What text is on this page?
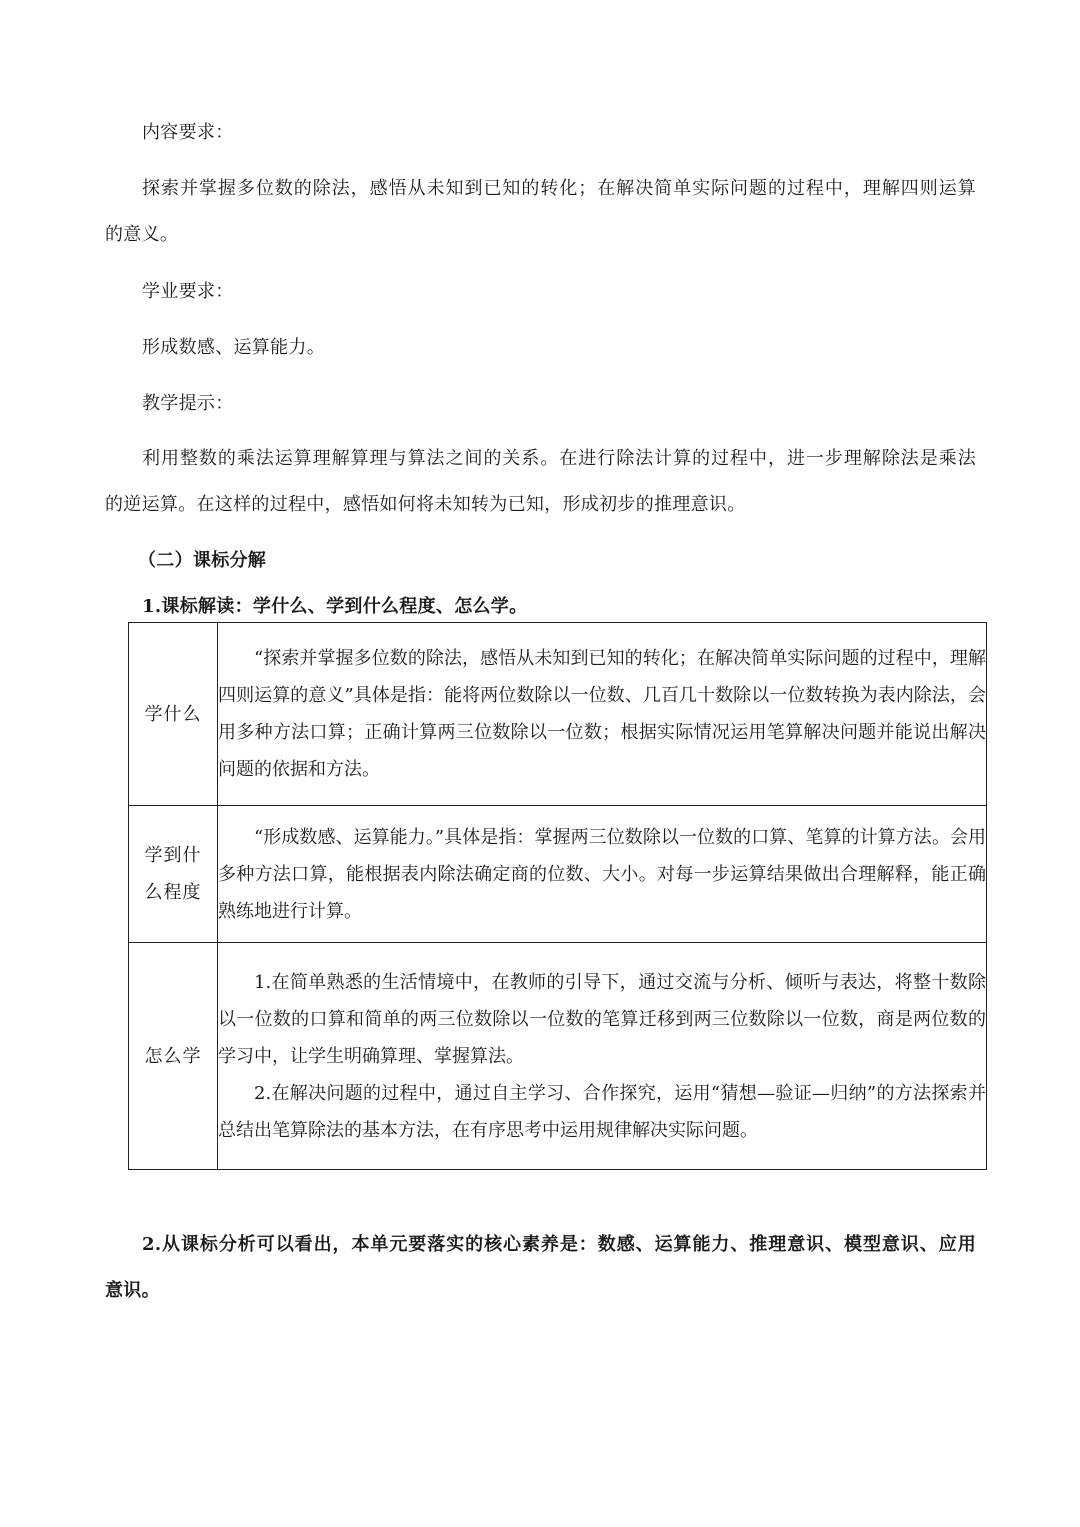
内容要求：
探索并掌握多位数的除法，感悟从未知到已知的转化；在解决简单实际问题的过程中，理解四则运算
的意义。
学业要求：
形成数感、运算能力。
教学提示：
利用整数的乘法运算理解算理与算法之间的关系。在进行除法计算的过程中，进一步理解除法是乘法
的逆运算。在这样的过程中，感悟如何将未知转为已知，形成初步的推理意识。
（二）课标分解
1.课标解读：学什么、学到什么程度、怎么学。
学什么	“探索并掌握多位数的除法，感悟从未知到已知的转化；在解决简单实际问题的过程中，理解四则运算的意义”具体是指：能将两位数除以一位数、几百几十数除以一位数转换为表内除法，会用多种方法口算；正确计算两三位数除以一位数；根据实际情况运用笔算解决问题并能说出解决问题的依据和方法。

学到什
么程度	“形成数感、运算能力。”具体是指：掌握两三位数除以一位数的口算、笔算的计算方法。会用多种方法口算，能根据表内除法确定商的位数、大小。对每一步运算结果做出合理解释，能正确熟练地进行计算。

怎么学	1.在简单熟悉的生活情境中，在教师的引导下，通过交流与分析、倾听与表达，将整十数除以一位数的口算和简单的两三位数除以一位数的笔算迁移到两三位数除以一位数，商是两位数的学习中，让学生明确算理、掌握算法。

2.在解决问题的过程中，通过自主学习、合作探究，运用“猜想—验证—归纳”的方法探索并总结出笔算除法的基本方法，在有序思考中运用规律解决实际问题。

2.从课标分析可以看出，本单元要落实的核心素养是：数感、运算能力、推理意识、模型意识、应用
意识。
